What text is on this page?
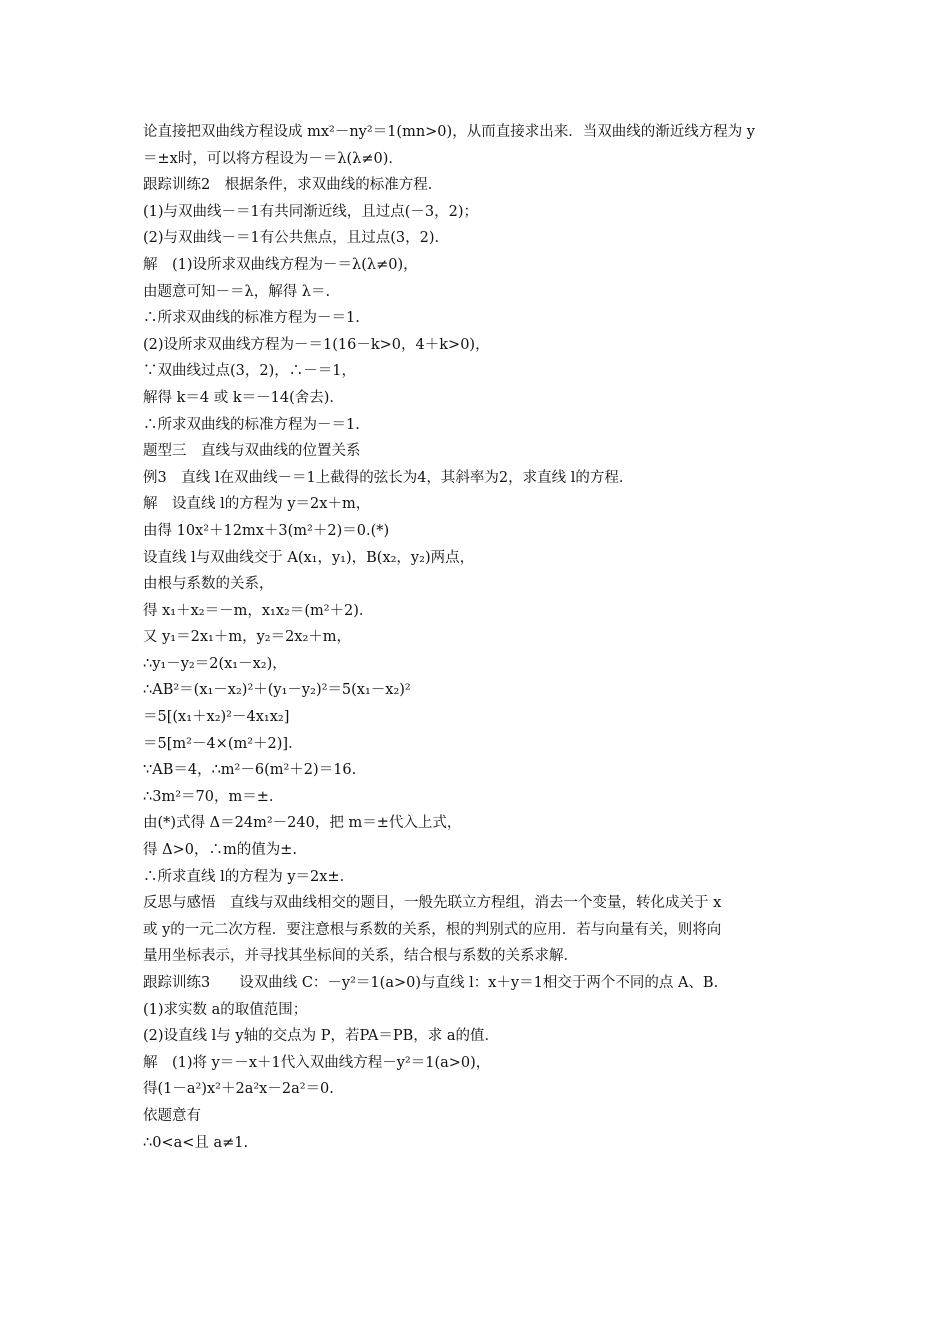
论直接把双曲线方程设成 mx²－ny²＝1(mn>0)，从而直接求出来．当双曲线的渐近线方程为 y
＝±x时，可以将方程设为－＝λ(λ≠0)．
跟踪训练2　根据条件，求双曲线的标准方程．
(1)与双曲线－＝1有共同渐近线，且过点(－3，2)；
(2)与双曲线－＝1有公共焦点，且过点(3，2)．
解　(1)设所求双曲线方程为－＝λ(λ≠0)，
由题意可知－＝λ，解得 λ＝.
∴所求双曲线的标准方程为－＝1.
(2)设所求双曲线方程为－＝1(16－k>0，4＋k>0)，
∵双曲线过点(3，2)，∴－＝1，
解得 k＝4 或 k＝－14(舍去)．
∴所求双曲线的标准方程为－＝1.
题型三　直线与双曲线的位置关系
例3　直线 l在双曲线－＝1上截得的弦长为4，其斜率为2，求直线 l的方程．
解　设直线 l的方程为 y＝2x＋m，
由得 10x²＋12mx＋3(m²＋2)＝0.(*)
设直线 l与双曲线交于 A(x₁，y₁)，B(x₂，y₂)两点，
由根与系数的关系，
得 x₁＋x₂＝－m，x₁x₂＝(m²＋2)．
又 y₁＝2x₁＋m，y₂＝2x₂＋m，
∴y₁－y₂＝2(x₁－x₂)，
∴AB²＝(x₁－x₂)²＋(y₁－y₂)²＝5(x₁－x₂)²
＝5[(x₁＋x₂)²－4x₁x₂]
＝5[m²－4×(m²＋2)]．
∵AB＝4，∴m²－6(m²＋2)＝16.
∴3m²＝70，m＝±.
由(*)式得 Δ＝24m²－240，把 m＝±代入上式，
得 Δ>0，∴m的值为±.
∴所求直线 l的方程为 y＝2x±.
反思与感悟　直线与双曲线相交的题目，一般先联立方程组，消去一个变量，转化成关于 x
或 y的一元二次方程．要注意根与系数的关系，根的判别式的应用．若与向量有关，则将向
量用坐标表示，并寻找其坐标间的关系，结合根与系数的关系求解．
跟踪训练3　　设双曲线 C：－y²＝1(a>0)与直线 l：x＋y＝1相交于两个不同的点 A、B.
(1)求实数 a的取值范围；
(2)设直线 l与 y轴的交点为 P，若PA＝PB，求 a的值．
解　(1)将 y＝－x＋1代入双曲线方程－y²＝1(a>0)，
得(1－a²)x²＋2a²x－2a²＝0.
依题意有
∴0<a<且 a≠1.
